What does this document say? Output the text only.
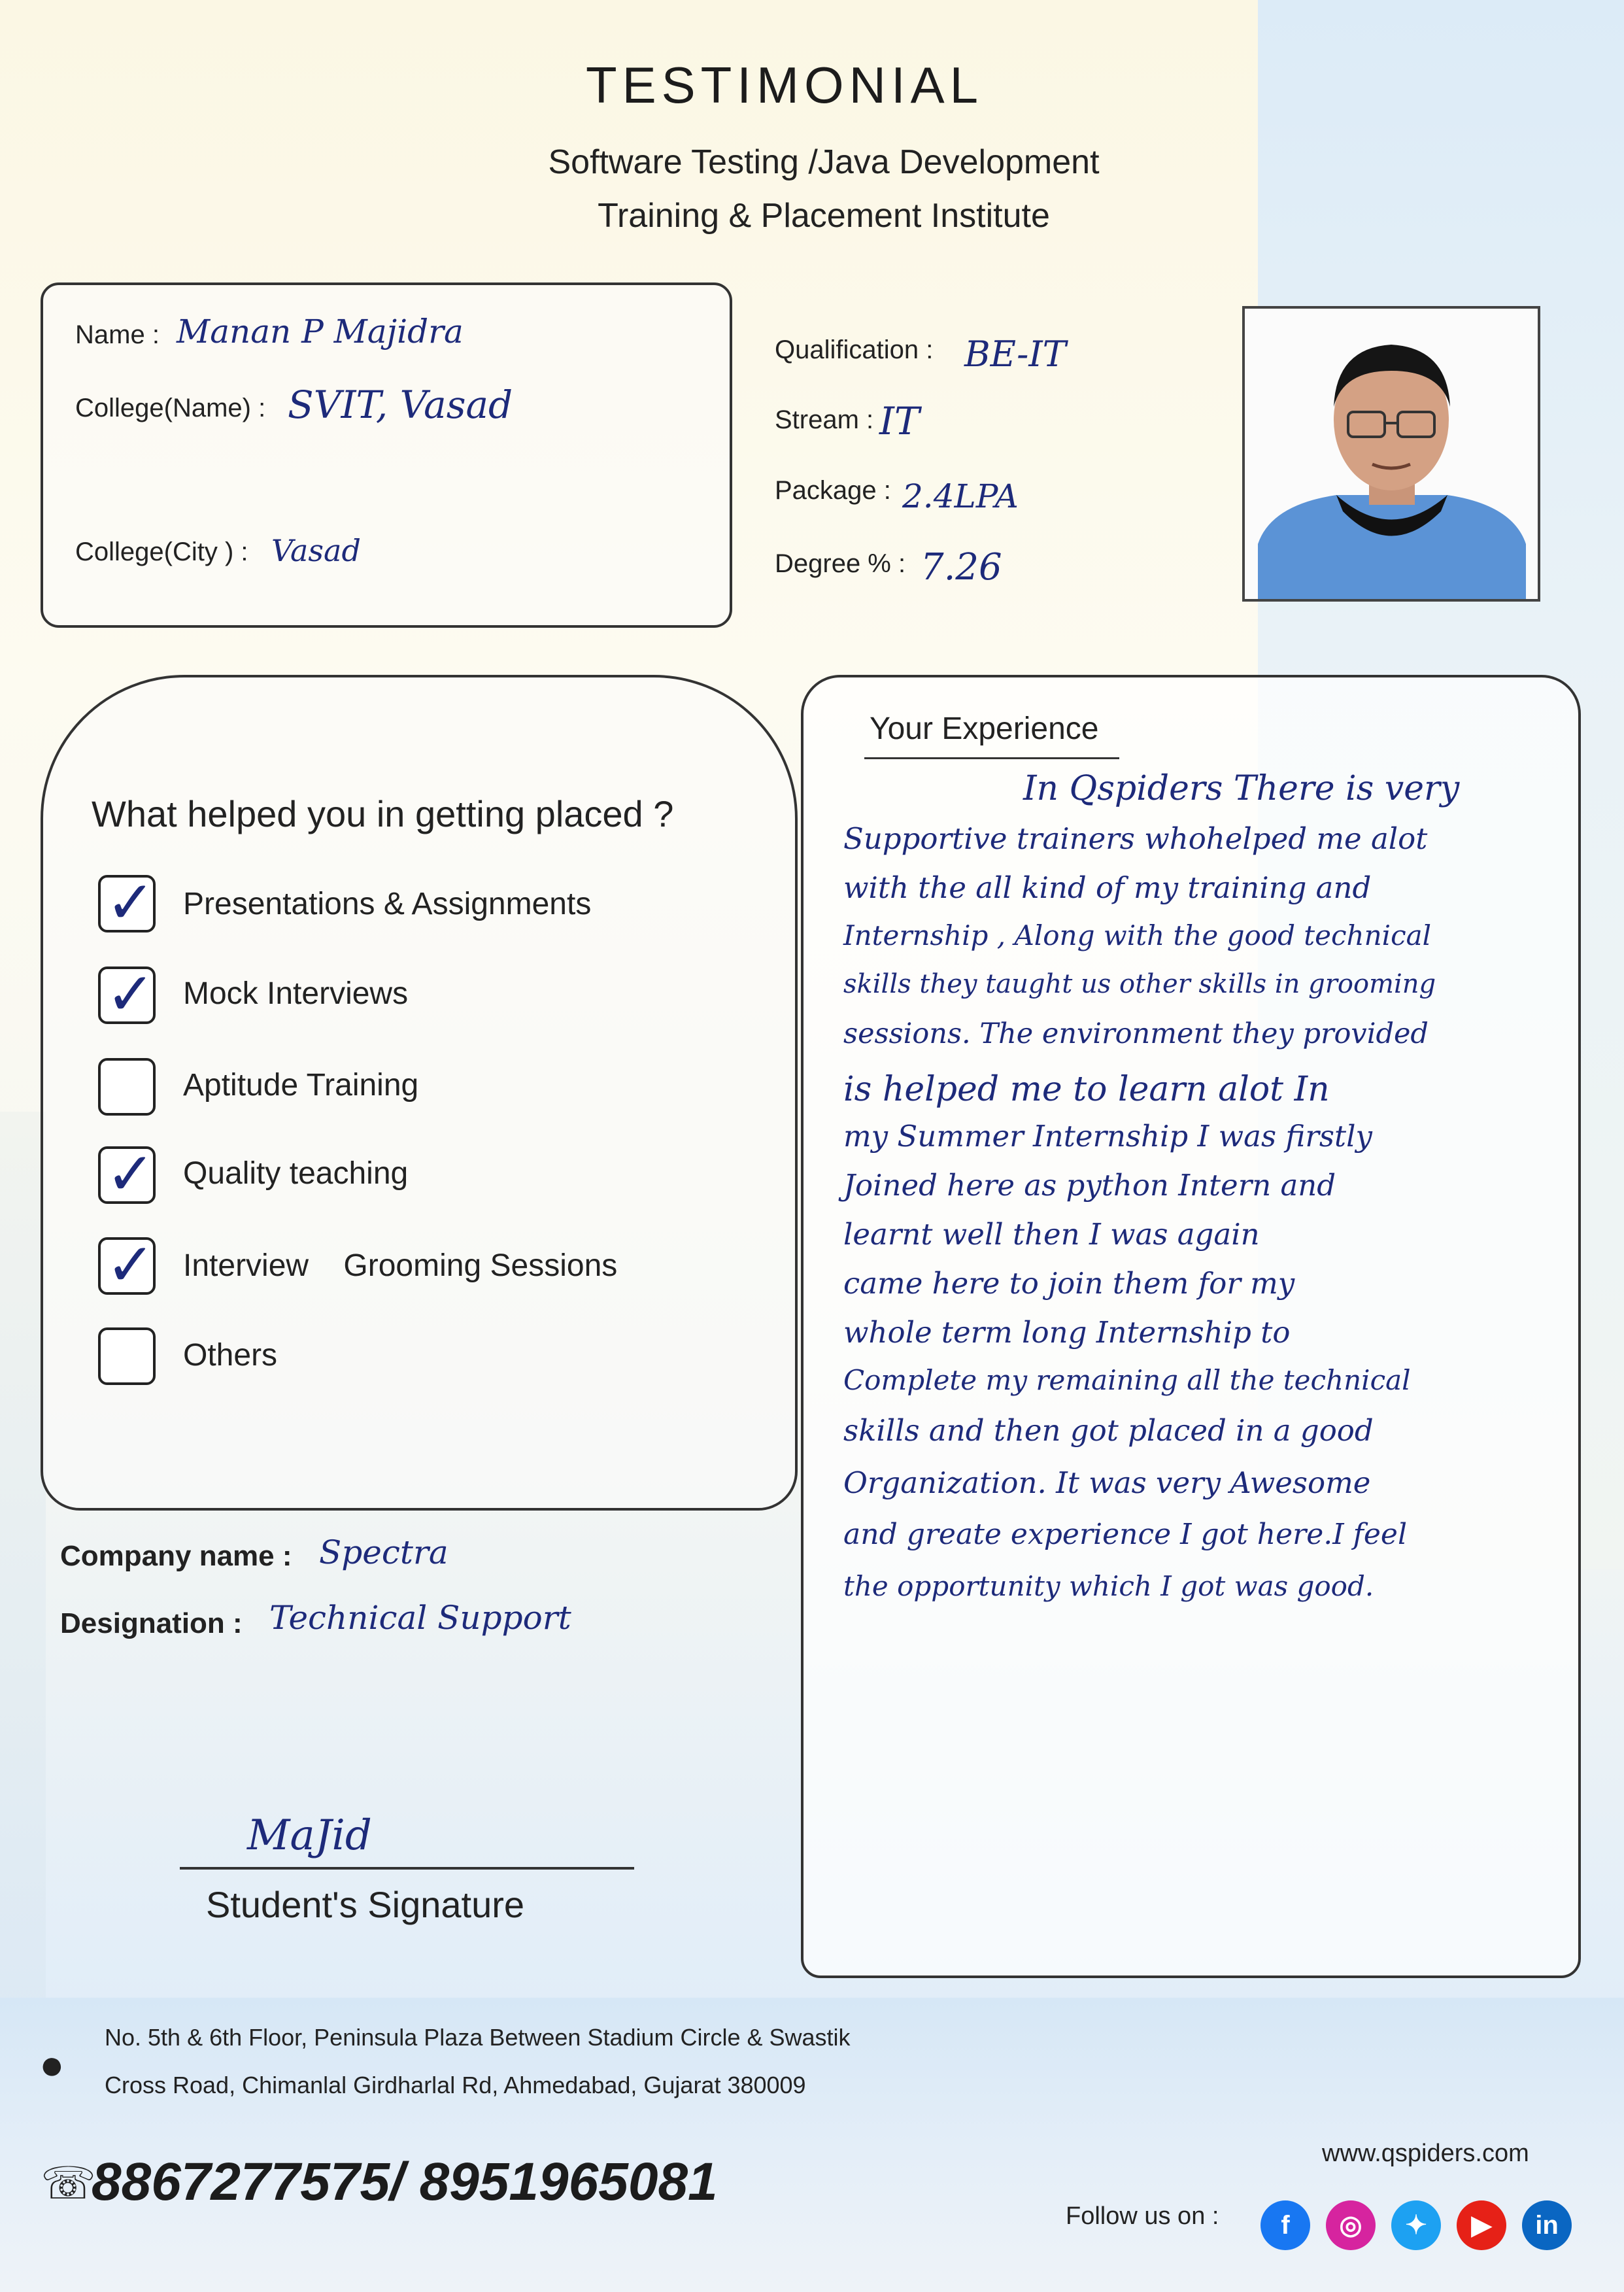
TESTIMONIAL
Software Testing /Java Development
Training & Placement Institute
Name : Manan P Majidra
College(Name) : SVIT, Vasad
College(City ) : Vasad
Qualification : BE-IT
Stream : IT
Package : 2.4LPA
Degree % : 7.26
What helped you in getting placed ?
✓ Presentations & Assignments
✓ Mock Interviews
Aptitude Training
✓ Quality teaching
✓ Interview    Grooming Sessions
Others
Company name : Spectra
Designation : Technical Support
MaJid
Student's Signature
Your Experience
In Qspiders There is very
Supportive trainers whohelped me alot
with the all kind of my training and
Internship , Along with the good technical
skills they taught us other skills in grooming
sessions. The environment they provided
is helped me to learn alot In
my Summer Internship I was firstly
Joined here as python Intern and
learnt well then I was again
came here to join them for my
whole term long Internship to
Complete my remaining all the technical
skills and then got placed in a good
Organization. It was very Awesome
and greate experience I got here.I feel
the opportunity which I got was good.
●
No. 5th & 6th Floor, Peninsula Plaza Between Stadium Circle & Swastik
Cross Road, Chimanlal Girdharlal Rd, Ahmedabad, Gujarat 380009
☏
8867277575/ 8951965081	www.qspiders.com
Follow us on :	f	◎	✦	▶	in
